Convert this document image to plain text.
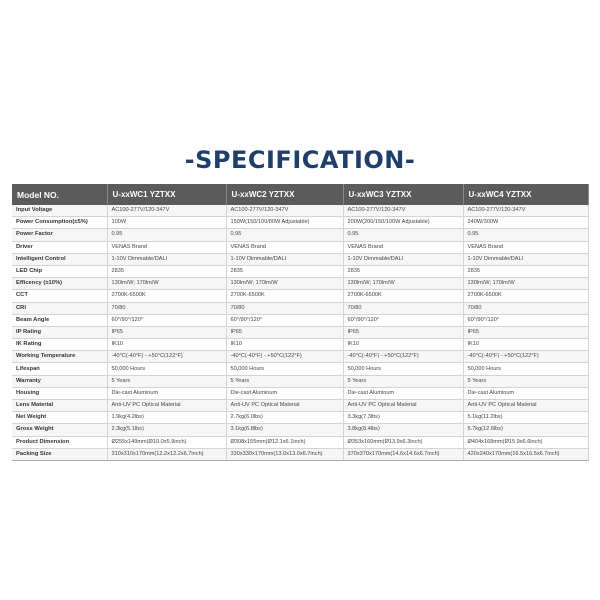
-SPECIFICATION-
Model NO.	U-xxWC1 YZTXX	U-xxWC2 YZTXX	U-xxWC3 YZTXX	U-xxWC4 YZTXX
Input Voltage	AC100-277V/120-347V	AC100-277V/120-347V	AC100-277V/120-347V	AC100-277V/120-347V
Power Consumption(±5%)	100W	150W(150/100/80W Adjustable)	200W(200/150/100W Adjustable)	240W/300W
Power Factor	0.95	0.95	0.95	0.95
Driver	VENAS Brand	VENAS Brand	VENAS Brand	VENAS Brand
Intelligent Control	1-10V Dimmable/DALI	1-10V Dimmable/DALI	1-10V Dimmable/DALI	1-10V Dimmable/DALI
LED Chip	2835	2835	2835	2835
Efficency (±10%)	130lm/W; 170lm/W	130lm/W; 170lm/W	130lm/W; 170lm/W	130lm/W; 170lm/W
CCT	2700K-6500K	2700K-6500K	2700K-6500K	2700K-6500K
CRI	70/80	70/80	70/80	70/80
Beam Angle	60°/90°/120°	60°/90°/120°	60°/90°/120°	60°/90°/120°
IP Rating	IP65	IP65	IP65	IP65
IK Rating	IK10	IK10	IK10	IK10
Working Temperature	-40°C(-40°F) - +50°C(122°F)	-40°C(-40°F) - +50°C(122°F)	-40°C(-40°F) - +50°C(122°F)	-40°C(-40°F) - +50°C(122°F)
Lifespan	50,000 Hours	50,000 Hours	50,000 Hours	50,000 Hours
Warranty	5 Years	5 Years	5 Years	5 Years
Housing	Die-cast Aluminum	Die-cast Aluminum	Die-cast Aluminum	Die-cast Aluminum
Lens Material	Anti-UV PC Optical Material	Anti-UV PC Optical Material	Anti-UV PC Optical Material	Anti-UV PC Optical Material
Net Weight	1.9kg(4.2lbs)	2.7kg(6.0lbs)	3.3kg(7.3lbs)	5.1kg(11.2lbs)
Gross Weight	2.3kg(5.1lbs)	3.1kg(6.8lbs)	3.8kg(8.4lbs)	5.7kg(12.6lbs)
Product Dimension	Ø255x149mm(Ø10.0x5.9inch)	Ø308x155mm(Ø12.1x6.1inch)	Ø353x160mm(Ø13.9x6.3inch)	Ø404x168mm(Ø15.9x6.6inch)
Packing Size	310x310x170mm(12.2x12.2x6.7inch)	330x330x170mm(13.0x13.0x6.7inch)	370x370x170mm(14.6x14.6x6.7inch)	420x240x170mm(16.5x16.5x6.7inch)
